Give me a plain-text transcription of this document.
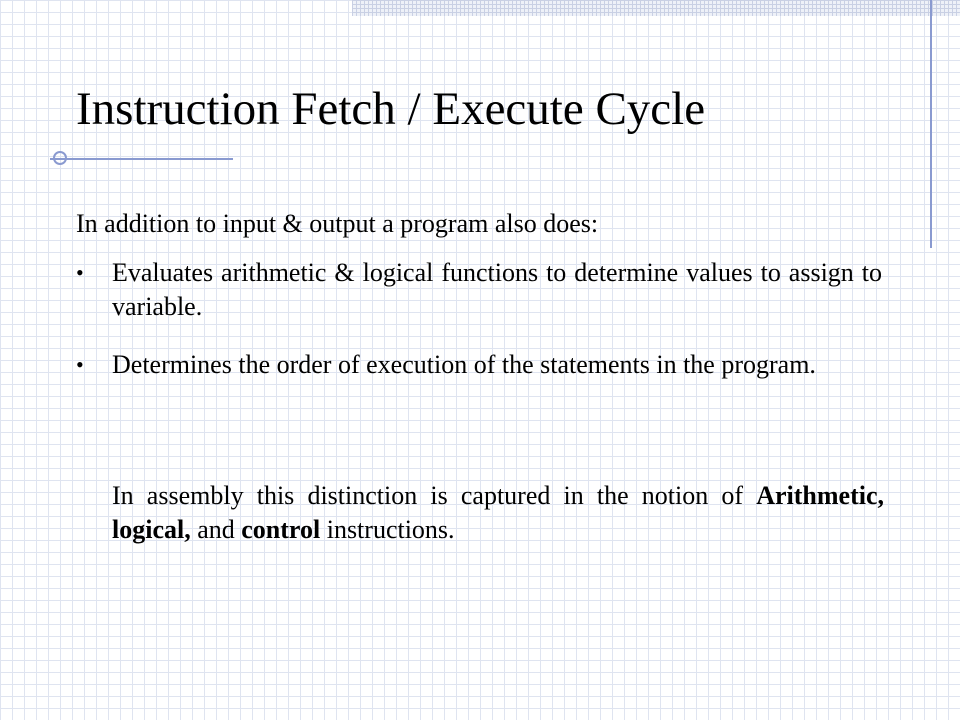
Instruction Fetch / Execute Cycle

In addition to input & output a program also does:

• Evaluates arithmetic & logical functions to determine values to assign to variable.
• Determines the order of execution of the statements in the program.

In assembly this distinction is captured in the notion of Arithmetic, logical, and control instructions.
